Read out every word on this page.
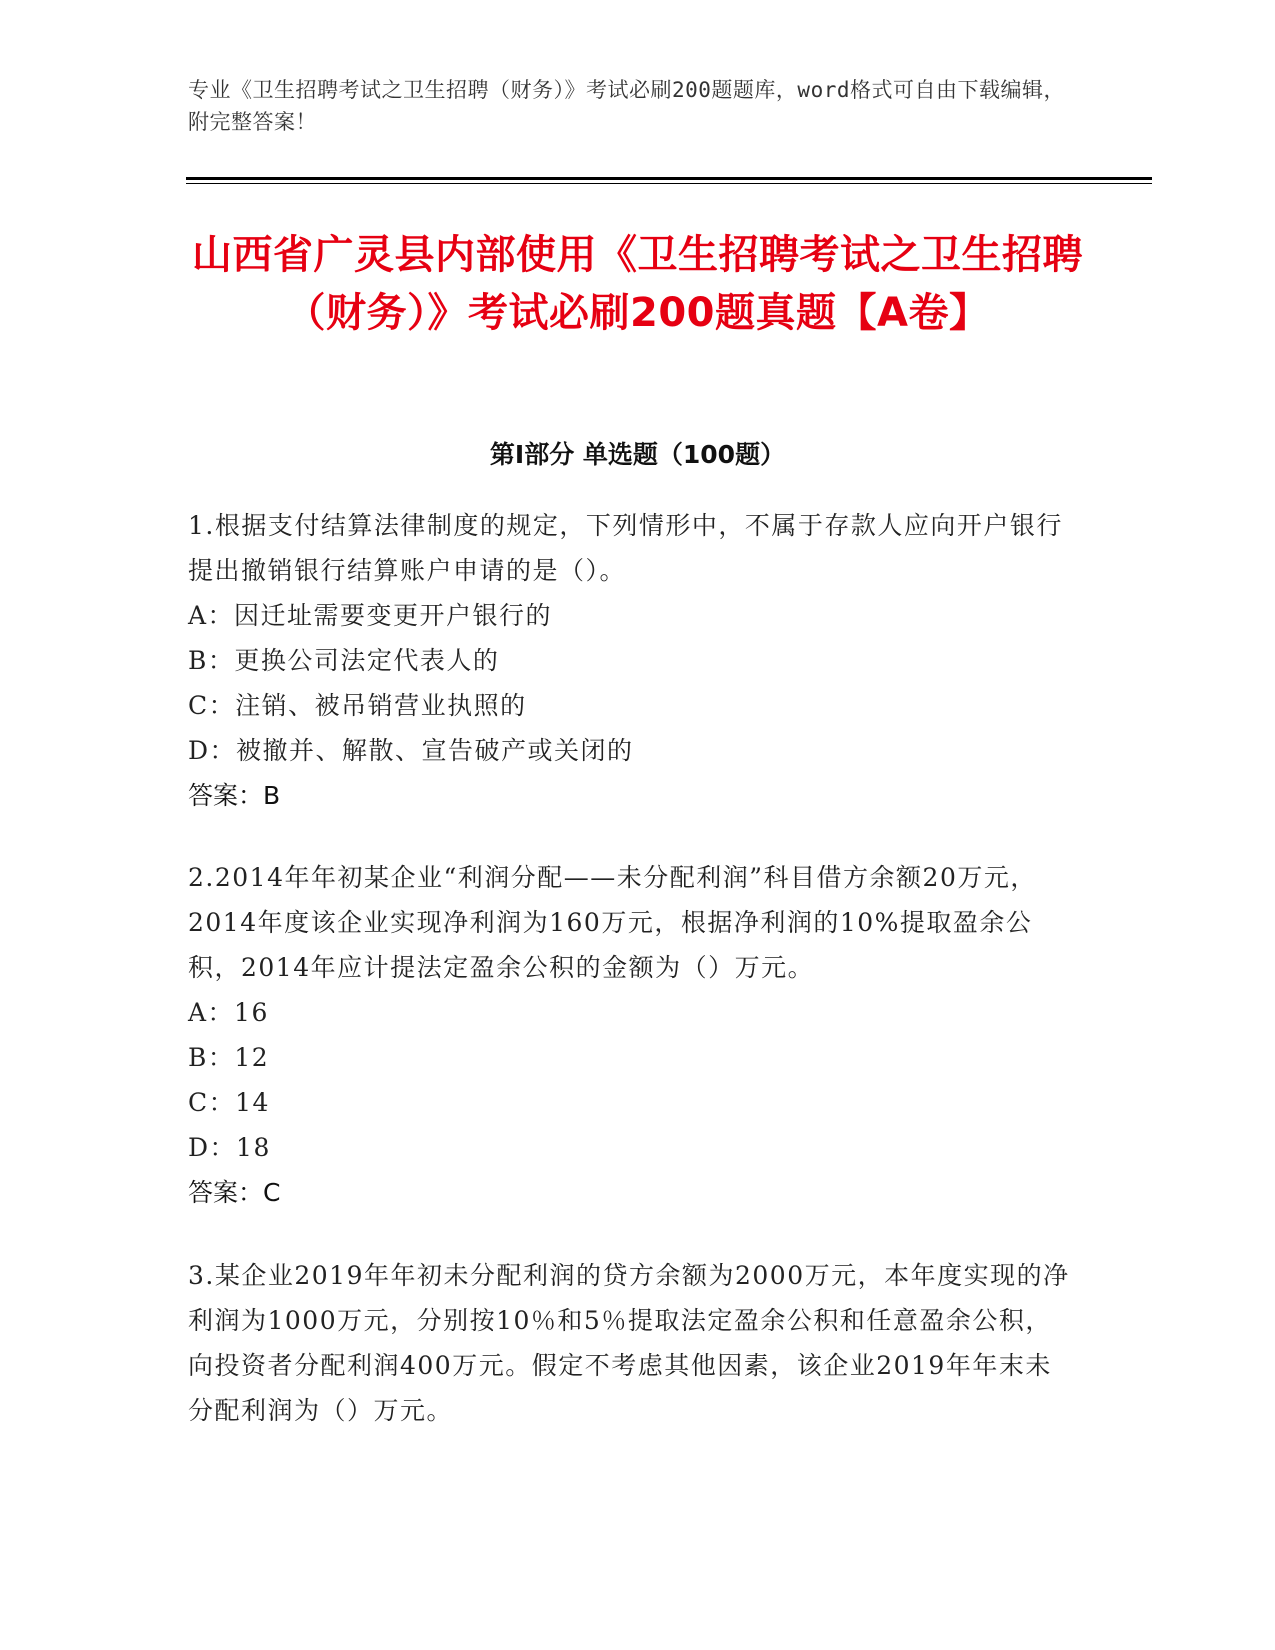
专业《卫生招聘考试之卫生招聘（财务）》考试必刷200题题库，word格式可自由下载编辑，附完整答案！
山西省广灵县内部使用《卫生招聘考试之卫生招聘（财务）》考试必刷200题真题【A卷】
第I部分 单选题（100题）

1.根据支付结算法律制度的规定，下列情形中，不属于存款人应向开户银行提出撤销银行结算账户申请的是（）。

A：因迁址需要变更开户银行的

B：更换公司法定代表人的

C：注销、被吊销营业执照的

D：被撤并、解散、宣告破产或关闭的

答案：B

2.2014年年初某企业“利润分配——未分配利润”科目借方余额20万元，2014年度该企业实现净利润为160万元，根据净利润的10%提取盈余公积，2014年应计提法定盈余公积的金额为（）万元。

A：16

B：12

C：14

D：18

答案：C

3.某企业2019年年初未分配利润的贷方余额为2000万元，本年度实现的净利润为1000万元，分别按10％和5％提取法定盈余公积和任意盈余公积，向投资者分配利润400万元。假定不考虑其他因素，该企业2019年年末未分配利润为（）万元。
